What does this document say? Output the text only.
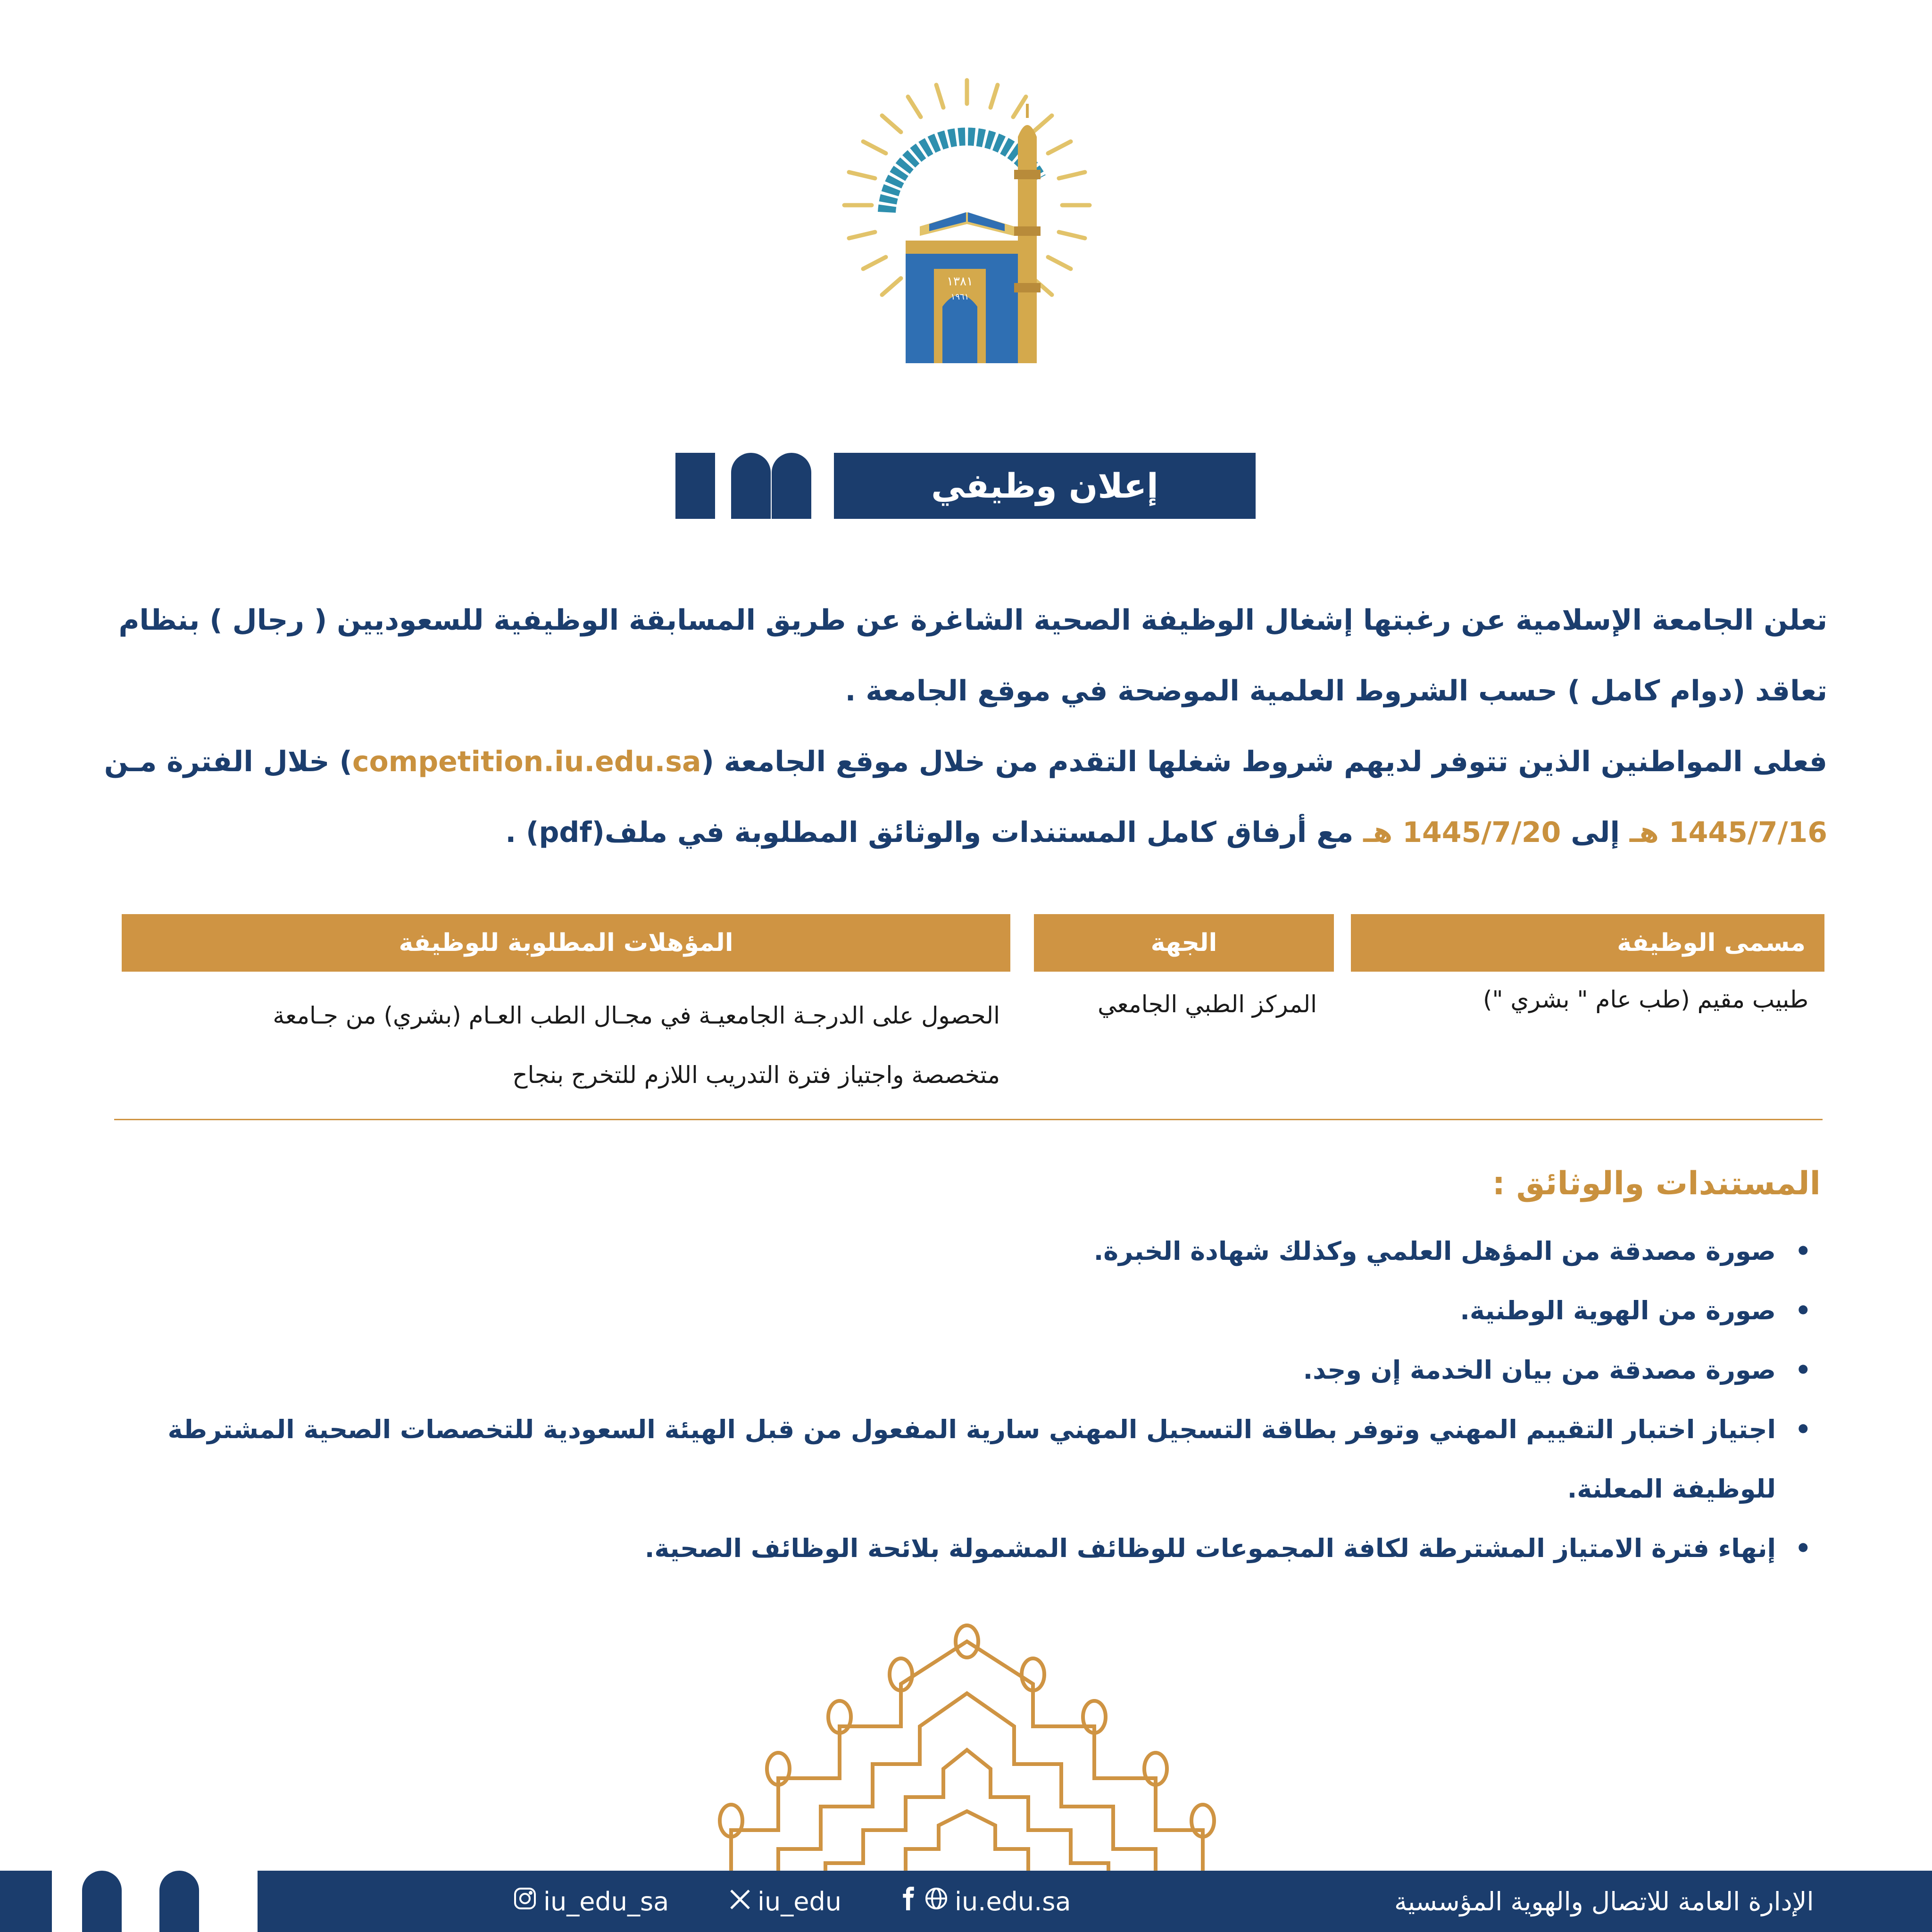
١٣٨١
١٩٦١
إعلان وظيفي
تعلن الجامعة الإسلامية عن رغبتها إشغال الوظيفة الصحية الشاغرة عن طريق المسابقة الوظيفية للسعوديين ( رجال ) بنظام
تعاقد (دوام كامل ) حسب الشروط العلمية الموضحة في موقع الجامعة .
فعلى المواطنين الذين تتوفر لديهم شروط شغلها التقدم من خلال موقع الجامعة (competition.iu.edu.sa) خلال الفترة مـن
1445/7/16 هـ إلى 1445/7/20 هـ مع أرفاق كامل المستندات والوثائق المطلوبة في ملف(pdf) .
مسمى الوظيفة
الجهة
المؤهلات المطلوبة للوظيفة
طبيب مقيم (طب عام " بشري ")
المركز الطبي الجامعي
الحصول على الدرجـة الجامعيـة في مجـال الطب العـام (بشري) من جـامعة
متخصصة واجتياز فترة التدريب اللازم للتخرج بنجاح
المستندات والوثائق :
•
صورة مصدقة من المؤهل العلمي وكذلك شهادة الخبرة.
•
صورة من الهوية الوطنية.
•
صورة مصدقة من بيان الخدمة إن وجد.
•
اجتياز اختبار التقييم المهني وتوفر بطاقة التسجيل المهني سارية المفعول من قبل الهيئة السعودية للتخصصات الصحية المشترطة للوظيفة المعلنة.
•
إنهاء فترة الامتياز المشترطة لكافة المجموعات للوظائف المشمولة بلائحة الوظائف الصحية.
الإدارة العامة للاتصال والهوية المؤسسية
iu.edu.sa
iu_edu
iu_edu_sa
